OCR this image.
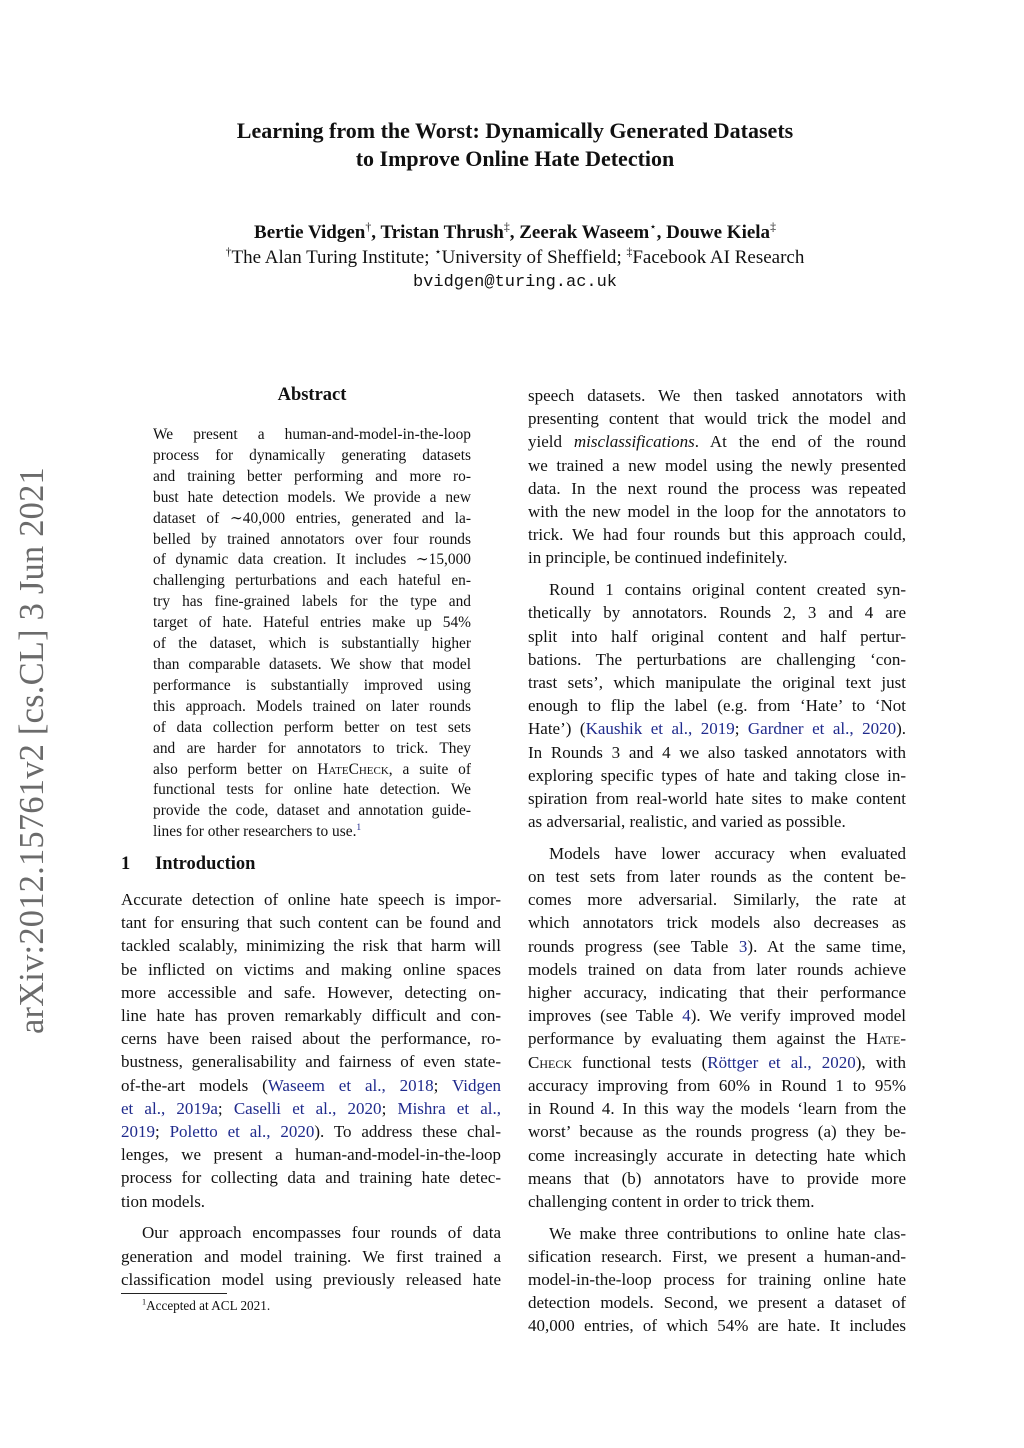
arXiv:2012.15761v2 [cs.CL] 3 Jun 2021
Learning from the Worst: Dynamically Generated Datasets
to Improve Online Hate Detection
Bertie Vidgen†, Tristan Thrush‡, Zeerak Waseem⋆, Douwe Kiela‡
†The Alan Turing Institute; ⋆University of Sheffield; ‡Facebook AI Research
bvidgen@turing.ac.uk
Abstract
We present a human-and-model-in-the-loop
process for dynamically generating datasets
and training better performing and more ro-
bust hate detection models. We provide a new
dataset of ∼40,000 entries, generated and la-
belled by trained annotators over four rounds
of dynamic data creation. It includes ∼15,000
challenging perturbations and each hateful en-
try has fine-grained labels for the type and
target of hate. Hateful entries make up 54%
of the dataset, which is substantially higher
than comparable datasets. We show that model
performance is substantially improved using
this approach. Models trained on later rounds
of data collection perform better on test sets
and are harder for annotators to trick. They
also perform better on HateCheck, a suite of
functional tests for online hate detection. We
provide the code, dataset and annotation guide-
lines for other researchers to use.$^1$
1 Introduction
Accurate detection of online hate speech is impor-
tant for ensuring that such content can be found and
tackled scalably, minimizing the risk that harm will
be inflicted on victims and making online spaces
more accessible and safe. However, detecting on-
line hate has proven remarkably difficult and con-
cerns have been raised about the performance, ro-
bustness, generalisability and fairness of even state-
of-the-art models (Waseem et al., 2018; Vidgen
et al., 2019a; Caselli et al., 2020; Mishra et al.,
2019; Poletto et al., 2020). To address these chal-
lenges, we present a human-and-model-in-the-loop
process for collecting data and training hate detec-
tion models.
Our approach encompasses four rounds of data
generation and model training. We first trained a
classification model using previously released hate
speech datasets. We then tasked annotators with
presenting content that would trick the model and
yield misclassifications. At the end of the round
we trained a new model using the newly presented
data. In the next round the process was repeated
with the new model in the loop for the annotators to
trick. We had four rounds but this approach could,
in principle, be continued indefinitely.
Round 1 contains original content created syn-
thetically by annotators. Rounds 2, 3 and 4 are
split into half original content and half pertur-
bations. The perturbations are challenging ‘con-
trast sets’, which manipulate the original text just
enough to flip the label (e.g. from ‘Hate’ to ‘Not
Hate’) (Kaushik et al., 2019; Gardner et al., 2020).
In Rounds 3 and 4 we also tasked annotators with
exploring specific types of hate and taking close in-
spiration from real-world hate sites to make content
as adversarial, realistic, and varied as possible.
Models have lower accuracy when evaluated
on test sets from later rounds as the content be-
comes more adversarial. Similarly, the rate at
which annotators trick models also decreases as
rounds progress (see Table 3). At the same time,
models trained on data from later rounds achieve
higher accuracy, indicating that their performance
improves (see Table 4). We verify improved model
performance by evaluating them against the Hate-
Check functional tests (Röttger et al., 2020), with
accuracy improving from 60% in Round 1 to 95%
in Round 4. In this way the models ‘learn from the
worst’ because as the rounds progress (a) they be-
come increasingly accurate in detecting hate which
means that (b) annotators have to provide more
challenging content in order to trick them.
We make three contributions to online hate clas-
sification research. First, we present a human-and-
model-in-the-loop process for training online hate
detection models. Second, we present a dataset of
40,000 entries, of which 54% are hate. It includes
$^1$Accepted at ACL 2021.
